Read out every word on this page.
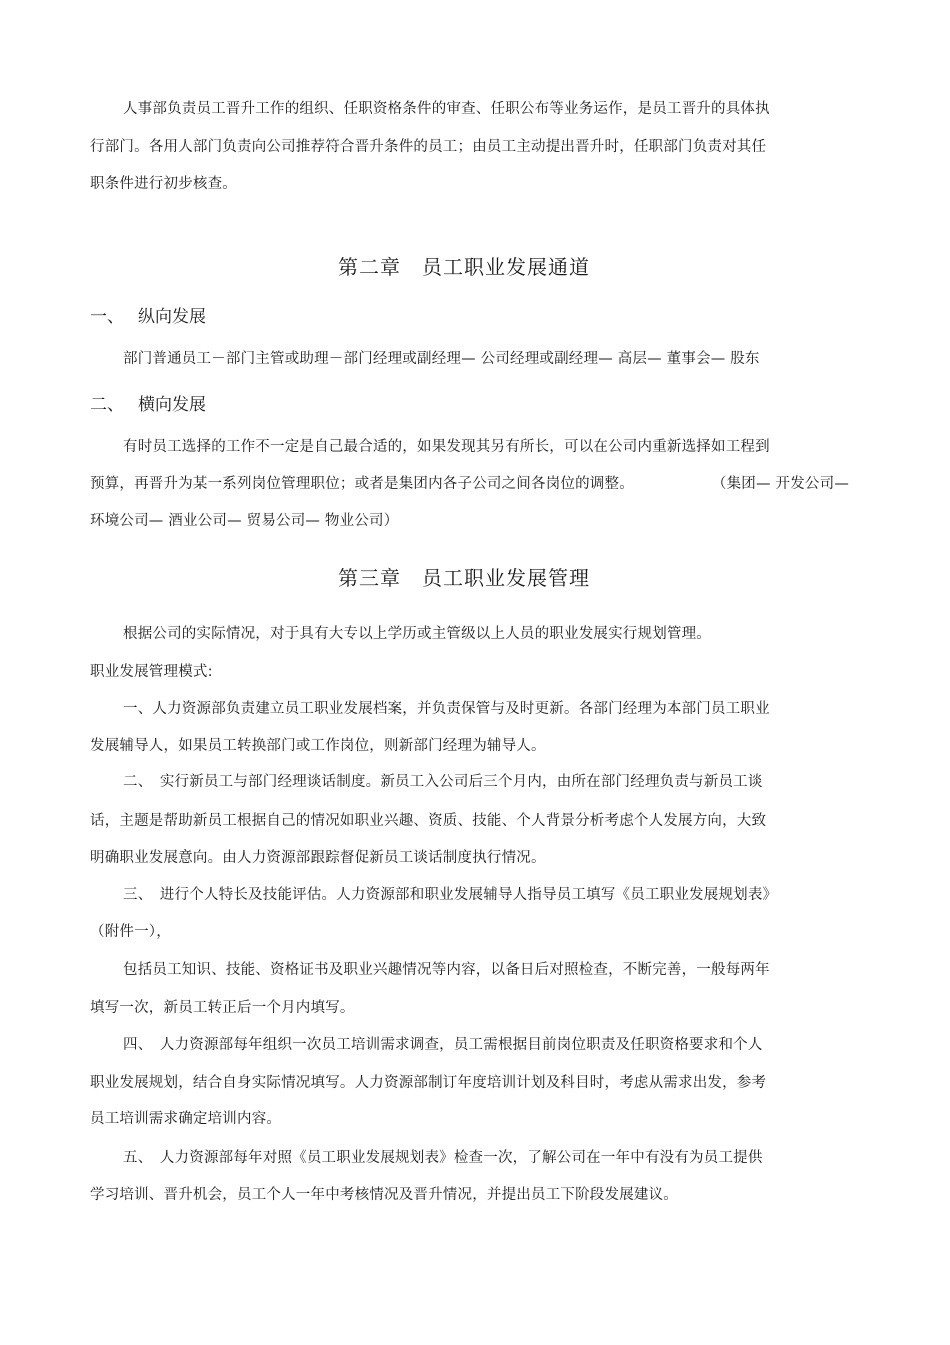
人事部负责员工晋升工作的组织、任职资格条件的审查、任职公布等业务运作，是员工晋升的具体执
行部门。各用人部门负责向公司推荐符合晋升条件的员工；由员工主动提出晋升时，任职部门负责对其任
职条件进行初步核查。
第二章　员工职业发展通道
一、 纵向发展
部门普通员工－部门主管或助理－部门经理或副经理— 公司经理或副经理— 高层— 董事会— 股东
二、 横向发展
有时员工选择的工作不一定是自己最合适的，如果发现其另有所长，可以在公司内重新选择如工程到
预算，再晋升为某一系列岗位管理职位；或者是集团内各子公司之间各岗位的调整。	（集团— 开发公司—
环境公司— 酒业公司— 贸易公司— 物业公司）
第三章　员工职业发展管理
根据公司的实际情况，对于具有大专以上学历或主管级以上人员的职业发展实行规划管理。
职业发展管理模式:
一、人力资源部负责建立员工职业发展档案，并负责保管与及时更新。各部门经理为本部门员工职业
发展辅导人，如果员工转换部门或工作岗位，则新部门经理为辅导人。
二、　实行新员工与部门经理谈话制度。新员工入公司后三个月内，由所在部门经理负责与新员工谈
话，主题是帮助新员工根据自己的情况如职业兴趣、资质、技能、个人背景分析考虑个人发展方向，大致
明确职业发展意向。由人力资源部跟踪督促新员工谈话制度执行情况。
三、　进行个人特长及技能评估。人力资源部和职业发展辅导人指导员工填写《员工职业发展规划表》
（附件一），
包括员工知识、技能、资格证书及职业兴趣情况等内容，以备日后对照检查，不断完善，一般每两年
填写一次，新员工转正后一个月内填写。
四、　人力资源部每年组织一次员工培训需求调查，员工需根据目前岗位职责及任职资格要求和个人
职业发展规划，结合自身实际情况填写。人力资源部制订年度培训计划及科目时，考虑从需求出发，参考
员工培训需求确定培训内容。
五、　人力资源部每年对照《员工职业发展规划表》检查一次，了解公司在一年中有没有为员工提供
学习培训、晋升机会，员工个人一年中考核情况及晋升情况，并提出员工下阶段发展建议。
